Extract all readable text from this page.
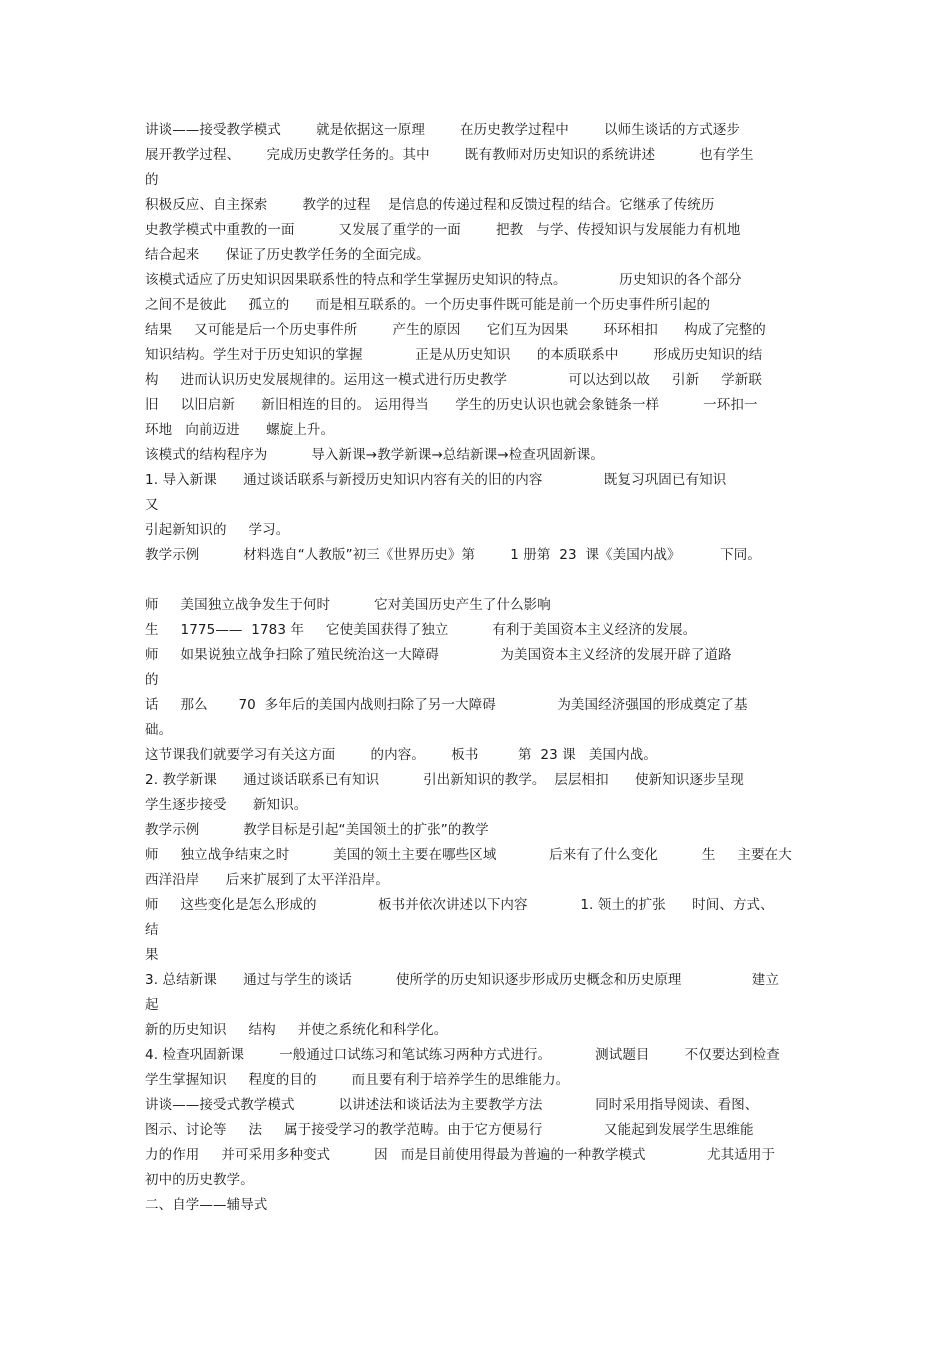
讲谈——接受教学模式        就是依据这一原理        在历史教学过程中        以师生谈话的方式逐步
展开教学过程、      完成历史教学任务的。其中        既有教师对历史知识的系统讲述          也有学生
的
积极反应、自主探索        教学的过程    是信息的传递过程和反馈过程的结合。它继承了传统历
史教学模式中重教的一面          又发展了重学的一面        把教   与学、传授知识与发展能力有机地
结合起来      保证了历史教学任务的全面完成。
该模式适应了历史知识因果联系性的特点和学生掌握历史知识的特点。            历史知识的各个部分
之间不是彼此     孤立的      而是相互联系的。一个历史事件既可能是前一个历史事件所引起的
结果     又可能是后一个历史事件所        产生的原因      它们互为因果        环环相扣      构成了完整的
知识结构。学生对于历史知识的掌握            正是从历史知识      的本质联系中        形成历史知识的结
构     进而认识历史发展规律的。运用这一模式进行历史教学              可以达到以故     引新     学新联
旧     以旧启新      新旧相连的目的。 运用得当      学生的历史认识也就会象链条一样          一环扣一
环地   向前迈进      螺旋上升。
该模式的结构程序为          导入新课→教学新课→总结新课→检查巩固新课。
1. 导入新课      通过谈话联系与新授历史知识内容有关的旧的内容              既复习巩固已有知识
又
引起新知识的     学习。
教学示例          材料选自“人教版”初三《世界历史》第        1 册第  23  课《美国内战》         下同。
师     美国独立战争发生于何时          它对美国历史产生了什么影响
生     1775——  1783 年     它使美国获得了独立          有利于美国资本主义经济的发展。
师     如果说独立战争扫除了殖民统治这一大障碍              为美国资本主义经济的发展开辟了道路
的
话     那么       70  多年后的美国内战则扫除了另一大障碍              为美国经济强国的形成奠定了基
础。
这节课我们就要学习有关这方面        的内容。      板书         第  23 课   美国内战。
2. 教学新课      通过谈话联系已有知识          引出新知识的教学。  层层相扣      使新知识逐步呈现
学生逐步接受      新知识。
教学示例          教学目标是引起“美国领土的扩张”的教学
师     独立战争结束之时          美国的领土主要在哪些区域            后来有了什么变化          生     主要在大
西洋沿岸      后来扩展到了太平洋沿岸。
师     这些变化是怎么形成的              板书并依次讲述以下内容            1. 领土的扩张      时间、方式、
结
果
3. 总结新课      通过与学生的谈话          使所学的历史知识逐步形成历史概念和历史原理                建立
起
新的历史知识     结构     并使之系统化和科学化。
4. 检查巩固新课        一般通过口试练习和笔试练习两种方式进行。          测试题目        不仅要达到检查
学生掌握知识     程度的目的        而且要有利于培养学生的思维能力。
讲谈——接受式教学模式          以讲述法和谈话法为主要教学方法            同时采用指导阅读、看图、
图示、讨论等     法     属于接受学习的教学范畴。由于它方便易行              又能起到发展学生思维能
力的作用     并可采用多种变式          因   而是目前使用得最为普遍的一种教学模式              尤其适用于
初中的历史教学。
二、自学——辅导式
